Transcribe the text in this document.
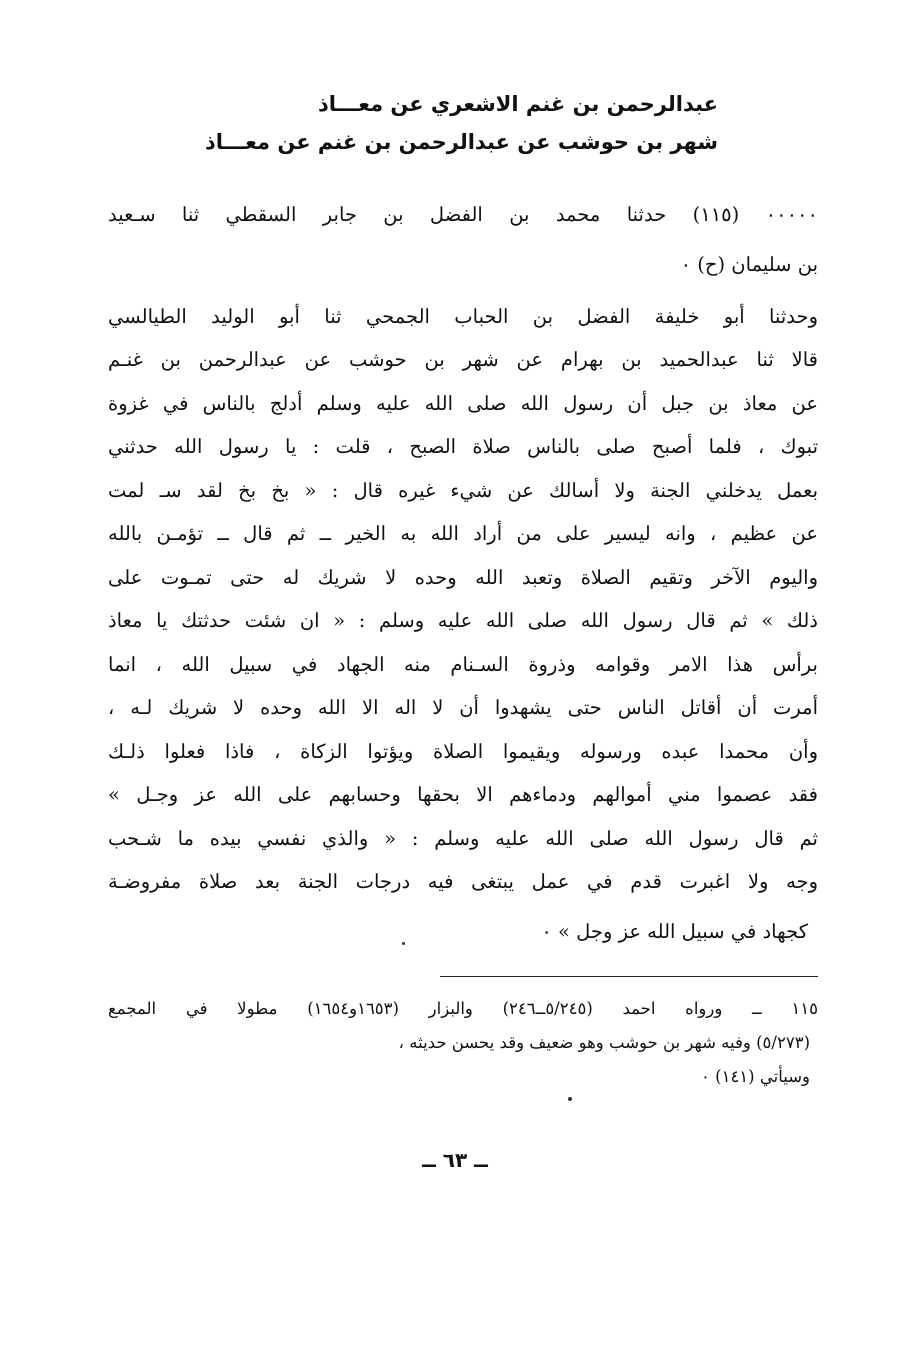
عبدالرحمن بن غنم الاشعري عن معـــاذ
شهر بن حوشب عن عبدالرحمن بن غنم عن معـــاذ
٠٠٠٠٠ (١١٥) حدثنا محمد بن الفضل بن جابر السقطي ثنا سـعيد
بن سليمان (ح) ٠
وحدثنا أبو خليفة الفضل بن الحباب الجمحي ثنا أبو الوليد الطيالسي
قالا ثنا عبدالحميد بن بهرام عن شهر بن حوشب عن عبدالرحمن بن غنـم
عن معاذ بن جبل أن رسول الله صلى الله عليه وسلم أدلج بالناس في غزوة
تبوك ، فلما أصبح صلى بالناس صلاة الصبح ، قلت : يا رسول الله حدثني
بعمل يدخلني الجنة ولا أسالك عن شيء غيره قال : « بخ بخ لقد سـ لمت
عن عظيم ، وانه ليسير على من أراد الله به الخير ــ ثم قال ــ تؤمـن بالله
واليوم الآخر وتقيم الصلاة وتعبد الله وحده لا شريك له حتى تمـوت على
ذلك » ثم قال رسول الله صلى الله عليه وسلم : « ان شئت حدثتك يا معاذ
برأس هذا الامر وقوامه وذروة السـنام منه الجهاد في سبيل الله ، انما
أمرت أن أقاتل الناس حتى يشهدوا أن لا اله الا الله وحده لا شريك لـه ،
وأن محمدا عبده ورسوله ويقيموا الصلاة ويؤتوا الزكاة ، فاذا فعلوا ذلـك
فقد عصموا مني أموالهم ودماءهم الا بحقها وحسابهم على الله عز وجـل »
ثم قال رسول الله صلى الله عليه وسلم : « والذي نفسي بيده ما شـحب
وجه ولا اغبرت قدم في عمل يبتغى فيه درجات الجنة بعد صلاة مفروضـة
كجهاد في سبيل الله عز وجل » ٠
١١٥ ــ ورواه احمد (٥/٢٤٥ــ٢٤٦) والبزار (١٦٥٣و١٦٥٤) مطولا في المجمع
(٥/٢٧٣) وفيه شهر بن حوشب وهو ضعيف وقد يحسن حديثه ،
وسيأتي (١٤١) ٠
ــ ٦٣ ــ
